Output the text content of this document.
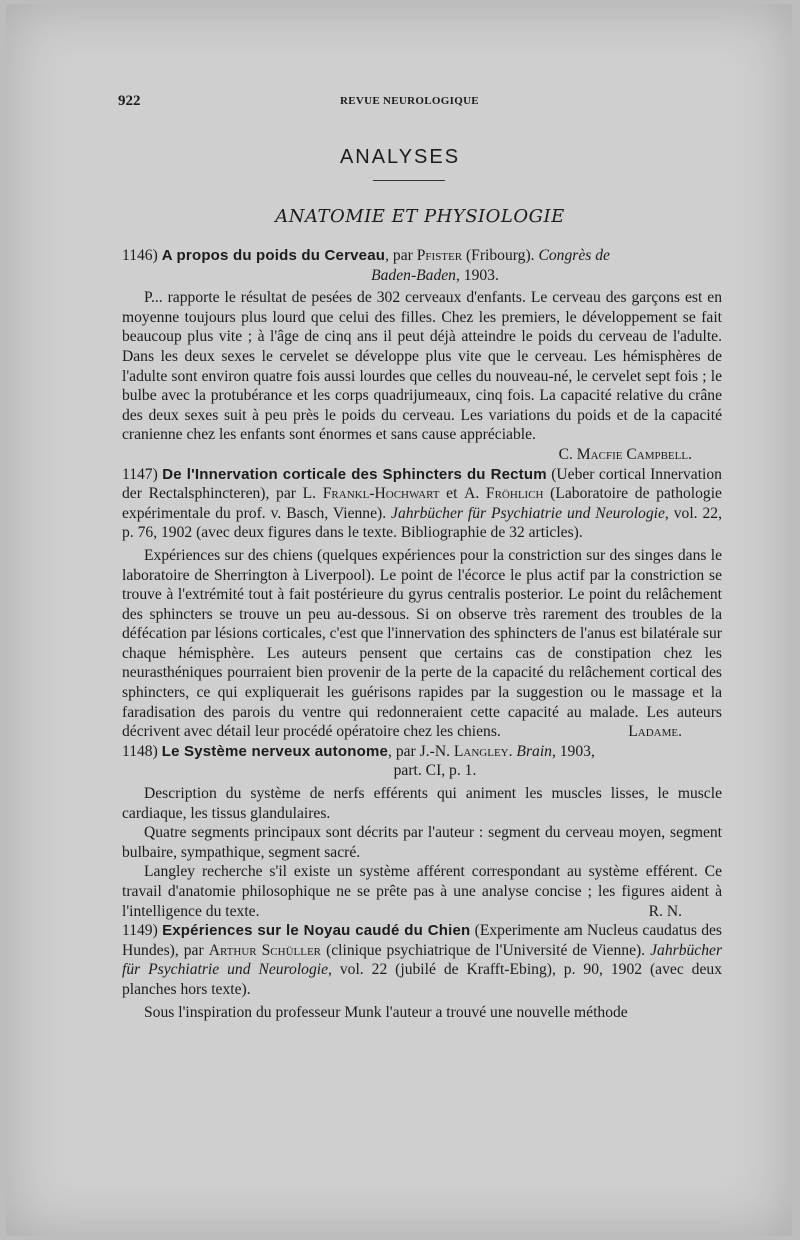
922	REVUE NEUROLOGIQUE
ANALYSES
ANATOMIE ET PHYSIOLOGIE
1146) A propos du poids du Cerveau, par Pfister (Fribourg). Congrès de
Baden-Baden, 1903.

P... rapporte le résultat de pesées de 302 cerveaux d'enfants. Le cerveau des garçons est en moyenne toujours plus lourd que celui des filles. Chez les premiers, le développement se fait beaucoup plus vite ; à l'âge de cinq ans il peut déjà atteindre le poids du cerveau de l'adulte. Dans les deux sexes le cervelet se développe plus vite que le cerveau. Les hémisphères de l'adulte sont environ quatre fois aussi lourdes que celles du nouveau-né, le cervelet sept fois ; le bulbe avec la protubérance et les corps quadrijumeaux, cinq fois. La capacité relative du crâne des deux sexes suit à peu près le poids du cerveau. Les variations du poids et de la capacité cranienne chez les enfants sont énormes et sans cause appréciable.

C. Macfie Campbell.
1147) De l'Innervation corticale des Sphincters du Rectum (Ueber cortical Innervation der Rectalsphincteren), par L. Frankl-Hochwart et A. Fröhlich (Laboratoire de pathologie expérimentale du prof. v. Basch, Vienne). Jahrbücher für Psychiatrie und Neurologie, vol. 22, p. 76, 1902 (avec deux figures dans le texte. Bibliographie de 32 articles).

Expériences sur des chiens (quelques expériences pour la constriction sur des singes dans le laboratoire de Sherrington à Liverpool). Le point de l'écorce le plus actif par la constriction se trouve à l'extrémité tout à fait postérieure du gyrus centralis posterior. Le point du relâchement des sphincters se trouve un peu au-dessous. Si on observe très rarement des troubles de la défécation par lésions corticales, c'est que l'innervation des sphincters de l'anus est bilatérale sur chaque hémisphère. Les auteurs pensent que certains cas de constipation chez les neurasthéniques pourraient bien provenir de la perte de la capacité du relâchement cortical des sphincters, ce qui expliquerait les guérisons rapides par la suggestion ou le massage et la faradisation des parois du ventre qui redonneraient cette capacité au malade. Les auteurs décrivent avec détail leur procédé opératoire chez les chiens.	Ladame.

1148) Le Système nerveux autonome, par J.-N. Langley. Brain, 1903,
part. CI, p. 1.

Description du système de nerfs efférents qui animent les muscles lisses, le muscle cardiaque, les tissus glandulaires.

Quatre segments principaux sont décrits par l'auteur : segment du cerveau moyen, segment bulbaire, sympathique, segment sacré.

Langley recherche s'il existe un système afférent correspondant au système efférent. Ce travail d'anatomie philosophique ne se prête pas à une analyse concise ; les figures aident à l'intelligence du texte.	R. N.

1149) Expériences sur le Noyau caudé du Chien (Experimente am Nucleus caudatus des Hundes), par Arthur Schüller (clinique psychiatrique de l'Université de Vienne). Jahrbücher für Psychiatrie und Neurologie, vol. 22 (jubilé de Krafft-Ebing), p. 90, 1902 (avec deux planches hors texte).

Sous l'inspiration du professeur Munk l'auteur a trouvé une nouvelle méthode
